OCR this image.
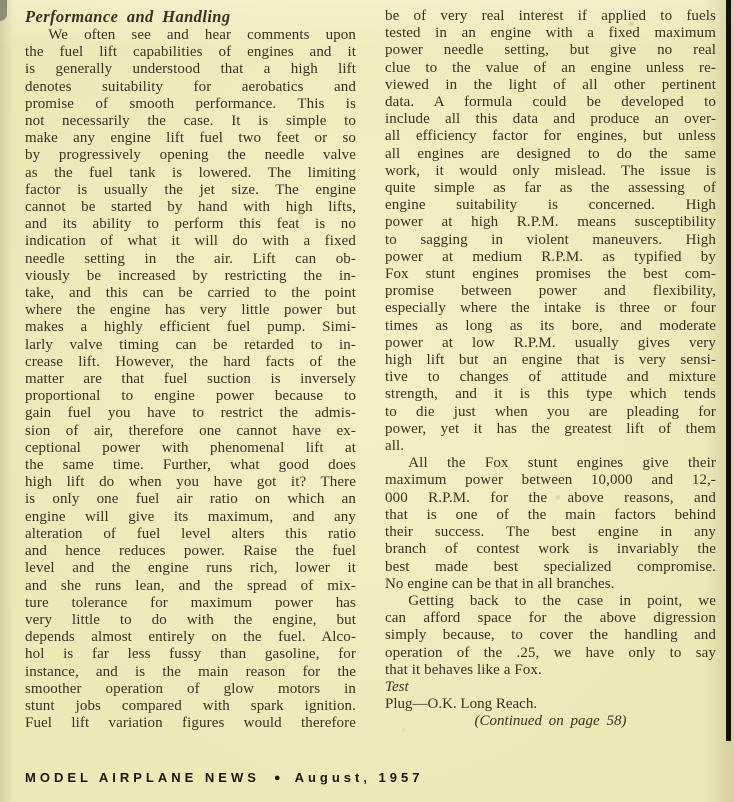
Performance and Handling
We often see and hear comments upon
the fuel lift capabilities of engines and it
is generally understood that a high lift
denotes suitability for aerobatics and
promise of smooth performance. This is
not necessarily the case. It is simple to
make any engine lift fuel two feet or so
by progressively opening the needle valve
as the fuel tank is lowered. The limiting
factor is usually the jet size. The engine
cannot be started by hand with high lifts,
and its ability to perform this feat is no
indication of what it will do with a fixed
needle setting in the air. Lift can ob-
viously be increased by restricting the in-
take, and this can be carried to the point
where the engine has very little power but
makes a highly efficient fuel pump. Simi-
larly valve timing can be retarded to in-
crease lift. However, the hard facts of the
matter are that fuel suction is inversely
proportional to engine power because to
gain fuel you have to restrict the admis-
sion of air, therefore one cannot have ex-
ceptional power with phenomenal lift at
the same time. Further, what good does
high lift do when you have got it? There
is only one fuel air ratio on which an
engine will give its maximum, and any
alteration of fuel level alters this ratio
and hence reduces power. Raise the fuel
level and the engine runs rich, lower it
and she runs lean, and the spread of mix-
ture tolerance for maximum power has
very little to do with the engine, but
depends almost entirely on the fuel. Alco-
hol is far less fussy than gasoline, for
instance, and is the main reason for the
smoother operation of glow motors in
stunt jobs compared with spark ignition.
Fuel lift variation figures would therefore
be of very real interest if applied to fuels
tested in an engine with a fixed maximum
power needle setting, but give no real
clue to the value of an engine unless re-
viewed in the light of all other pertinent
data. A formula could be developed to
include all this data and produce an over-
all efficiency factor for engines, but unless
all engines are designed to do the same
work, it would only mislead. The issue is
quite simple as far as the assessing of
engine suitability is concerned. High
power at high R.P.M. means susceptibility
to sagging in violent maneuvers. High
power at medium R.P.M. as typified by
Fox stunt engines promises the best com-
promise between power and flexibility,
especially where the intake is three or four
times as long as its bore, and moderate
power at low R.P.M. usually gives very
high lift but an engine that is very sensi-
tive to changes of attitude and mixture
strength, and it is this type which tends
to die just when you are pleading for
power, yet it has the greatest lift of them
all.
All the Fox stunt engines give their
maximum power between 10,000 and 12,-
000 R.P.M. for the above reasons, and
that is one of the main factors behind
their success. The best engine in any
branch of contest work is invariably the
best made best specialized compromise.
No engine can be that in all branches.
Getting back to the case in point, we
can afford space for the above digression
simply because, to cover the handling and
operation of the .25, we have only to say
that it behaves like a Fox.
Test
Plug—O.K. Long Reach.
(Continued on page 58)
MODEL AIRPLANE NEWS ● August, 1957
